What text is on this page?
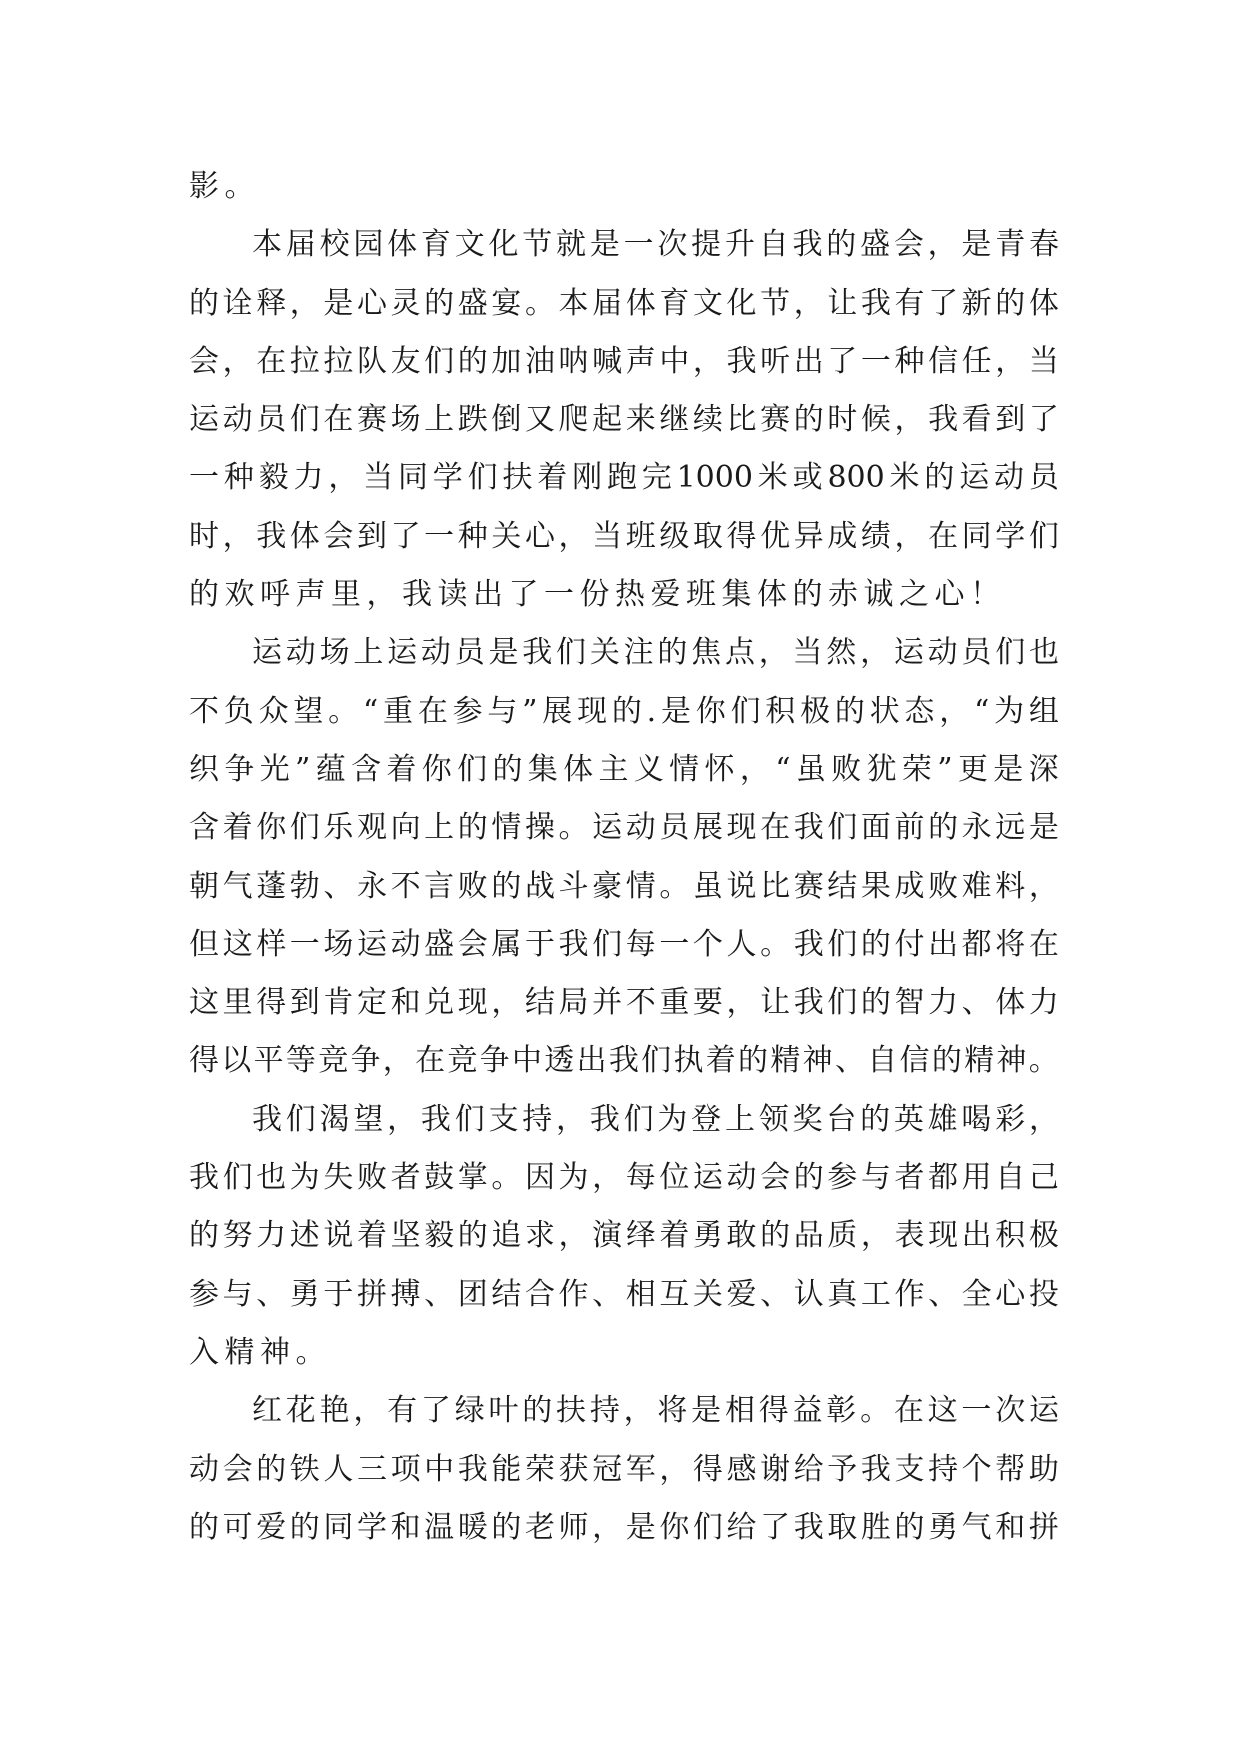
影。
本 届 校 园 体 育 文 化 节 就 是 一 次 提 升 自 我 的 盛 会 ， 是 青 春
的 诠 释 ， 是 心 灵 的 盛 宴 。 本 届 体 育 文 化 节 ， 让 我 有 了 新 的 体
会 ， 在 拉 拉 队 友 们 的 加 油 呐 喊 声 中 ， 我 听 出 了 一 种 信 任 ， 当
运 动 员 们 在 赛 场 上 跌 倒 又 爬 起 来 继 续 比 赛 的 时 候 ， 我 看 到 了
一 种 毅 力 ， 当 同 学 们 扶 着 刚 跑 完 1000 米 或 800 米 的 运 动 员
时 ， 我 体 会 到 了 一 种 关 心 ， 当 班 级 取 得 优 异 成 绩 ， 在 同 学 们
的欢呼声里，我读出了一份热爱班集体的赤诚之心！
运 动 场 上 运 动 员 是 我 们 关 注 的 焦 点 ， 当 然 ， 运 动 员 们 也
不 负 众 望 。 “ 重 在 参 与 ” 展 现 的 . 是 你 们 积 极 的 状 态 ， “ 为 组
织 争 光 ” 蕴 含 着 你 们 的 集 体 主 义 情 怀 ， “ 虽 败 犹 荣 ” 更 是 深
含 着 你 们 乐 观 向 上 的 情 操 。 运 动 员 展 现 在 我 们 面 前 的 永 远 是
朝 气 蓬 勃 、 永 不 言 败 的 战 斗 豪 情 。 虽 说 比 赛 结 果 成 败 难 料 ，
但 这 样 一 场 运 动 盛 会 属 于 我 们 每 一 个 人 。 我 们 的 付 出 都 将 在
这 里 得 到 肯 定 和 兑 现 ， 结 局 并 不 重 要 ， 让 我 们 的 智 力 、 体 力
得 以 平 等 竞 争 ， 在 竞 争 中 透 出 我 们 执 着 的 精 神 、 自 信 的 精 神 。
我 们 渴 望 ， 我 们 支 持 ， 我 们 为 登 上 领 奖 台 的 英 雄 喝 彩 ，
我 们 也 为 失 败 者 鼓 掌 。 因 为 ， 每 位 运 动 会 的 参 与 者 都 用 自 己
的 努 力 述 说 着 坚 毅 的 追 求 ， 演 绎 着 勇 敢 的 品 质 ， 表 现 出 积 极
参 与 、 勇 于 拼 搏 、 团 结 合 作 、 相 互 关 爱 、 认 真 工 作 、 全 心 投
入精神。
红 花 艳 ， 有 了 绿 叶 的 扶 持 ， 将 是 相 得 益 彰 。 在 这 一 次 运
动 会 的 铁 人 三 项 中 我 能 荣 获 冠 军 ， 得 感 谢 给 予 我 支 持 个 帮 助
的 可 爱 的 同 学 和 温 暖 的 老 师 ， 是 你 们 给 了 我 取 胜 的 勇 气 和 拼
